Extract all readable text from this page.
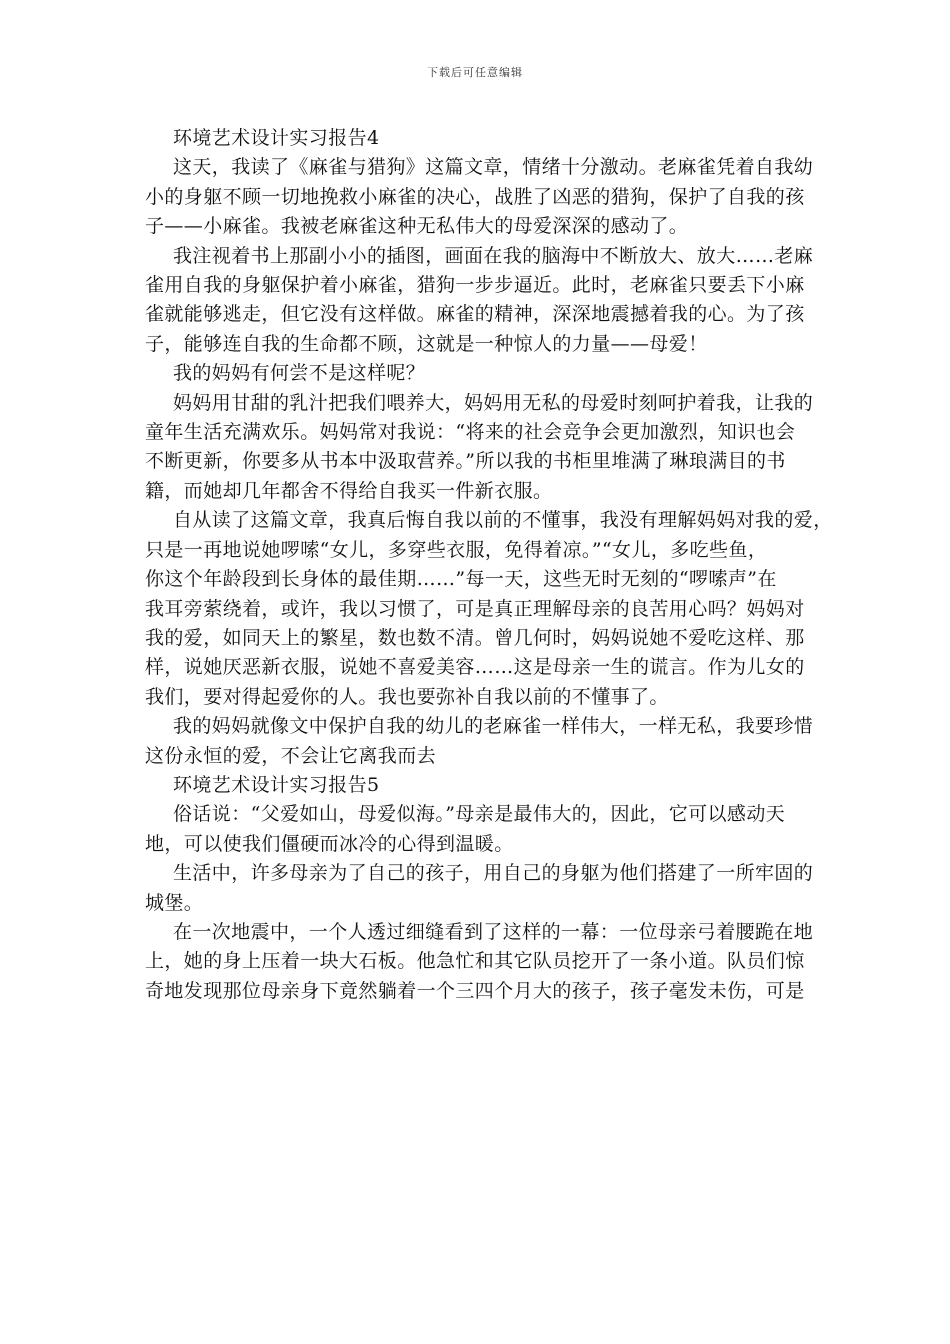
下载后可任意编辑
环境艺术设计实习报告4
这天，我读了《麻雀与猎狗》这篇文章，情绪十分激动。老麻雀凭着自我幼
小的身躯不顾一切地挽救小麻雀的决心，战胜了凶恶的猎狗，保护了自我的孩
子——小麻雀。我被老麻雀这种无私伟大的母爱深深的感动了。
我注视着书上那副小小的插图，画面在我的脑海中不断放大、放大……老麻
雀用自我的身躯保护着小麻雀，猎狗一步步逼近。此时，老麻雀只要丢下小麻
雀就能够逃走，但它没有这样做。麻雀的精神，深深地震撼着我的心。为了孩
子，能够连自我的生命都不顾，这就是一种惊人的力量——母爱！
我的妈妈有何尝不是这样呢？
妈妈用甘甜的乳汁把我们喂养大，妈妈用无私的母爱时刻呵护着我，让我的
童年生活充满欢乐。妈妈常对我说：“将来的社会竞争会更加激烈，知识也会
不断更新，你要多从书本中汲取营养。”所以我的书柜里堆满了琳琅满目的书
籍，而她却几年都舍不得给自我买一件新衣服。
自从读了这篇文章，我真后悔自我以前的不懂事，我没有理解妈妈对我的爱，
只是一再地说她啰嗦“女儿，多穿些衣服，免得着凉。”“女儿，多吃些鱼，
你这个年龄段到长身体的最佳期……”每一天，这些无时无刻的“啰嗦声”在
我耳旁萦绕着，或许，我以习惯了，可是真正理解母亲的良苦用心吗？妈妈对
我的爱，如同天上的繁星，数也数不清。曾几何时，妈妈说她不爱吃这样、那
样，说她厌恶新衣服，说她不喜爱美容……这是母亲一生的谎言。作为儿女的
我们，要对得起爱你的人。我也要弥补自我以前的不懂事了。
我的妈妈就像文中保护自我的幼儿的老麻雀一样伟大，一样无私，我要珍惜
这份永恒的爱，不会让它离我而去
环境艺术设计实习报告5
俗话说：“父爱如山，母爱似海。”母亲是最伟大的，因此，它可以感动天
地，可以使我们僵硬而冰冷的心得到温暖。
生活中，许多母亲为了自己的孩子，用自己的身躯为他们搭建了一所牢固的
城堡。
在一次地震中，一个人透过细缝看到了这样的一幕：一位母亲弓着腰跪在地
上，她的身上压着一块大石板。他急忙和其它队员挖开了一条小道。队员们惊
奇地发现那位母亲身下竟然躺着一个三四个月大的孩子，孩子毫发未伤，可是
